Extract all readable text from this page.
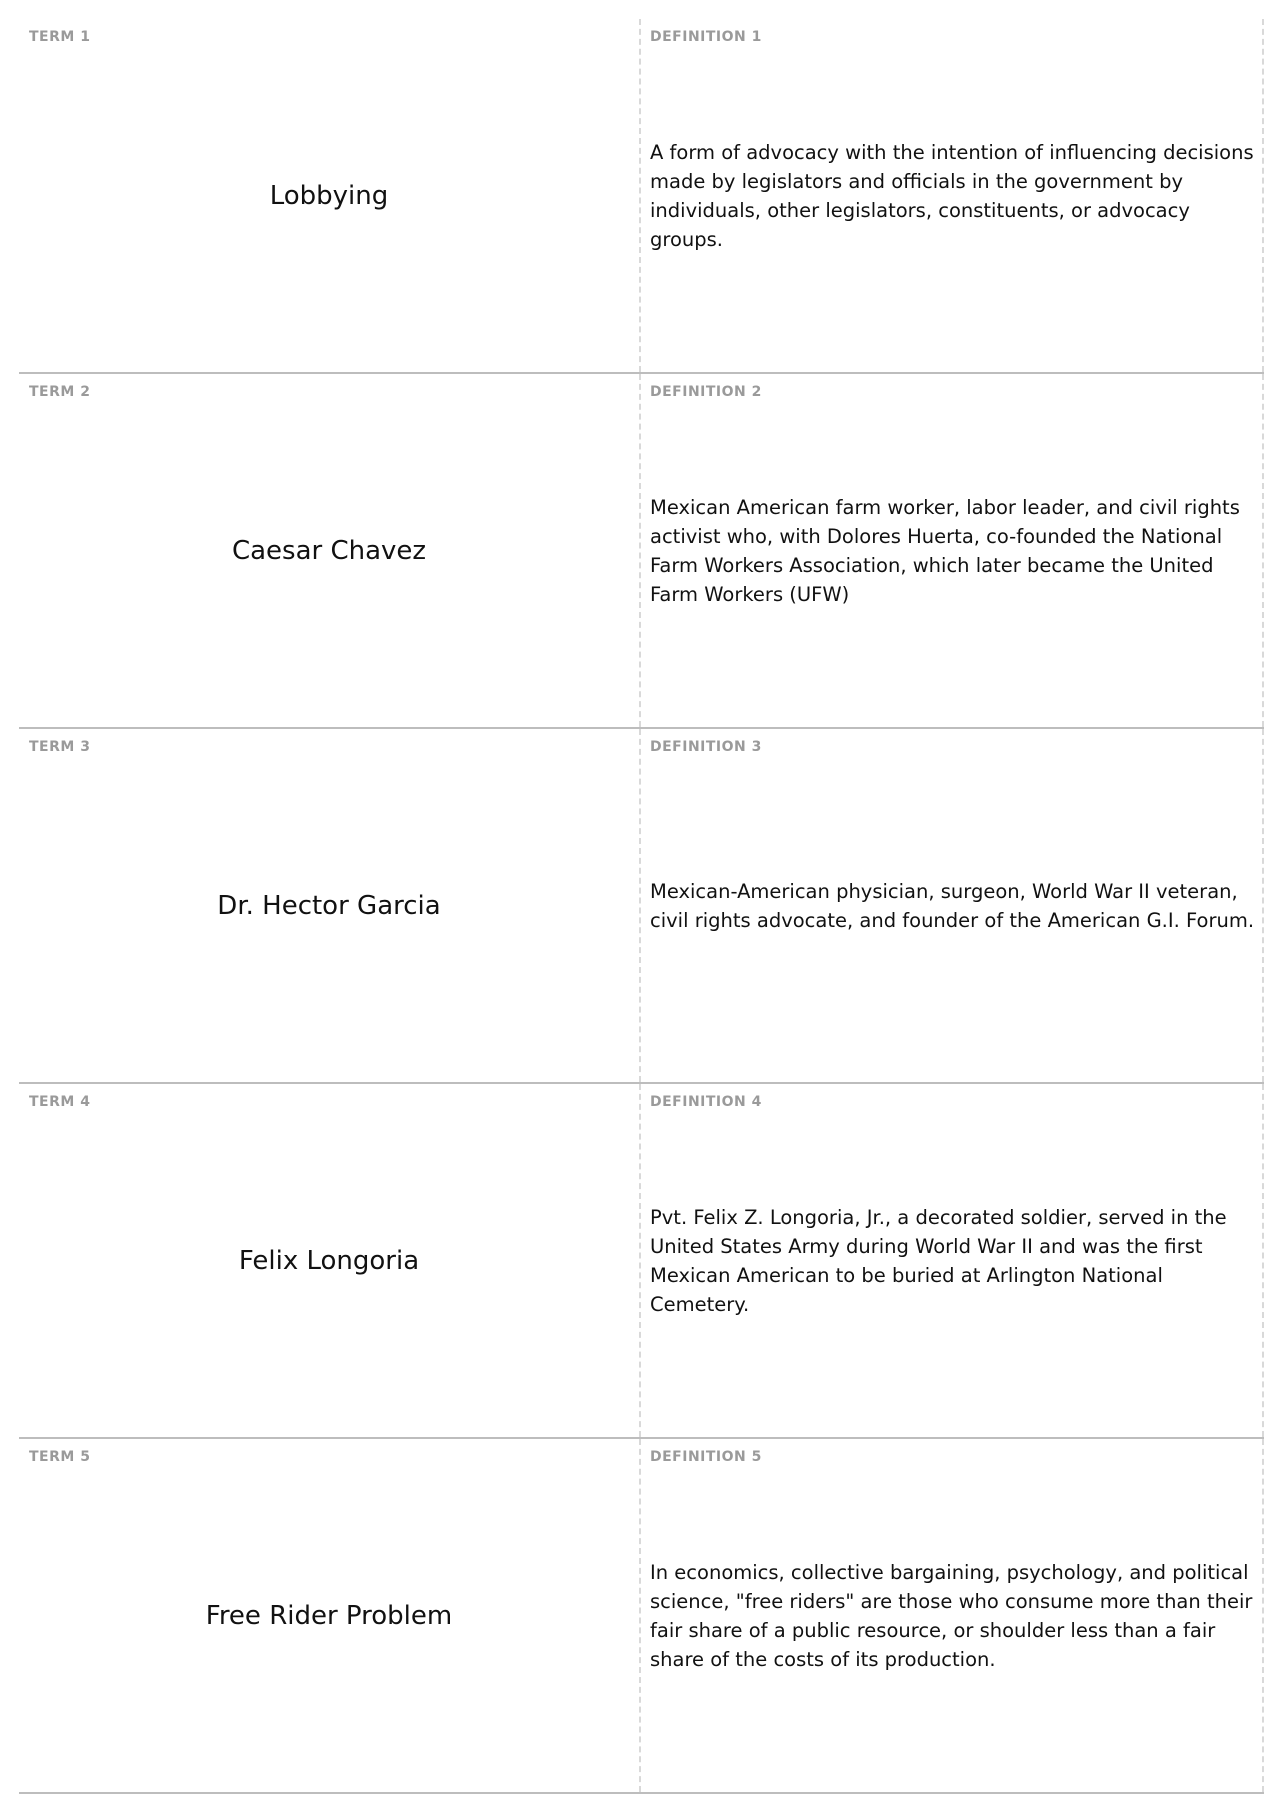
TERM 1
Lobbying
DEFINITION 1
A form of advocacy with the intention of influencing decisions made by legislators and officials in the government by individuals, other legislators, constituents, or advocacy groups.
TERM 2
Caesar Chavez
DEFINITION 2
Mexican American farm worker, labor leader, and civil rights activist who, with Dolores Huerta, co-founded the National Farm Workers Association, which later became the United Farm Workers (UFW)
TERM 3
Dr. Hector Garcia
DEFINITION 3
Mexican-American physician, surgeon, World War II veteran, civil rights advocate, and founder of the American G.I. Forum.
TERM 4
Felix Longoria
DEFINITION 4
Pvt. Felix Z. Longoria, Jr., a decorated soldier, served in the United States Army during World War II and was the first Mexican American to be buried at Arlington National Cemetery.
TERM 5
Free Rider Problem
DEFINITION 5
In economics, collective bargaining, psychology, and political science, "free riders" are those who consume more than their fair share of a public resource, or shoulder less than a fair share of the costs of its production.
